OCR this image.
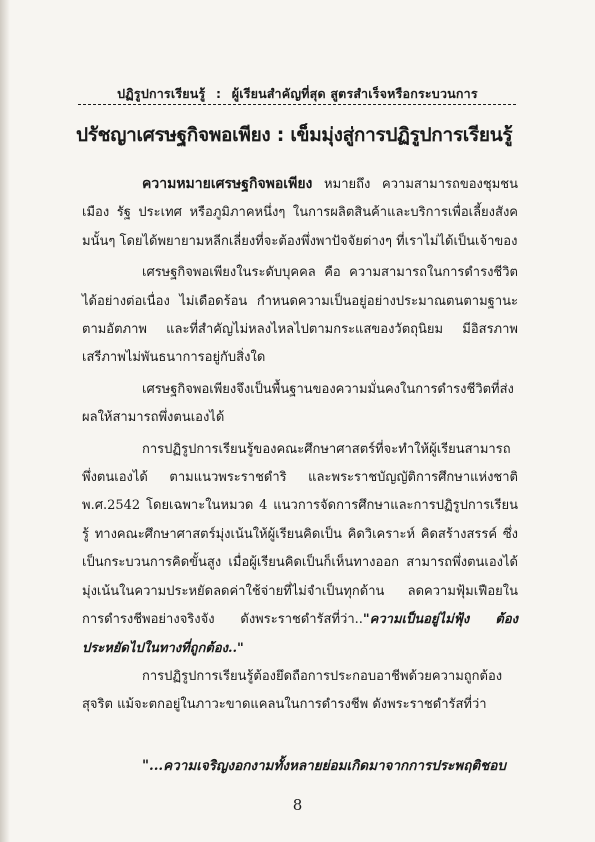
ปฏิรูปการเรียนรู้ : ผู้เรียนสำคัญที่สุด สูตรสำเร็จหรือกระบวนการ
ปรัชญาเศรษฐกิจพอเพียง : เข็มมุ่งสู่การปฏิรูปการเรียนรู้

ความหมายเศรษฐกิจพอเพียง หมายถึง ความสามารถของชุมชน เมือง รัฐ ประเทศ หรือภูมิภาคหนึ่งๆ ในการผลิตสินค้าและบริการเพื่อเลี้ยงสังคมนั้นๆ โดยได้พยายามหลีกเลี่ยงที่จะต้องพึ่งพาปัจจัยต่างๆ ที่เราไม่ได้เป็นเจ้าของ

เศรษฐกิจพอเพียงในระดับบุคคล คือ ความสามารถในการดำรงชีวิตได้อย่างต่อเนื่อง ไม่เดือดร้อน กำหนดความเป็นอยู่อย่างประมาณตนตามฐานะ ตามอัตภาพ และที่สำคัญไม่หลงไหลไปตามกระแสของวัตถุนิยม มีอิสรภาพ เสรีภาพไม่พันธนาการอยู่กับสิ่งใด

เศรษฐกิจพอเพียงจึงเป็นพื้นฐานของความมั่นคงในการดำรงชีวิตที่ส่งผลให้สามารถพึ่งตนเองได้

การปฏิรูปการเรียนรู้ของคณะศึกษาศาสตร์ที่จะทำให้ผู้เรียนสามารถพึ่งตนเองได้ ตามแนวพระราชดำริ และพระราชบัญญัติการศึกษาแห่งชาติ พ.ศ.2542 โดยเฉพาะในหมวด 4 แนวการจัดการศึกษาและการปฏิรูปการเรียนรู้ ทางคณะศึกษาศาสตร์มุ่งเน้นให้ผู้เรียนคิดเป็น คิดวิเคราะห์ คิดสร้างสรรค์ ซึ่งเป็นกระบวนการคิดขั้นสูง เมื่อผู้เรียนคิดเป็นก็เห็นทางออก สามารถพึ่งตนเองได้ มุ่งเน้นในความประหยัดลดค่าใช้จ่ายที่ไม่จำเป็นทุกด้าน ลดความฟุ้มเฟือยในการดำรงชีพอย่างจริงจัง ดังพระราชดำรัสที่ว่า.."ความเป็นอยู่ไม่ฟุ้ง ต้องประหยัดไปในทางที่ถูกต้อง.."

การปฏิรูปการเรียนรู้ต้องยึดถือการประกอบอาชีพด้วยความถูกต้องสุจริต แม้จะตกอยู่ในภาวะขาดแคลนในการดำรงชีพ ดังพระราชดำรัสที่ว่า

"...ความเจริญงอกงามทั้งหลายย่อมเกิดมาจากการประพฤติชอบ
8
